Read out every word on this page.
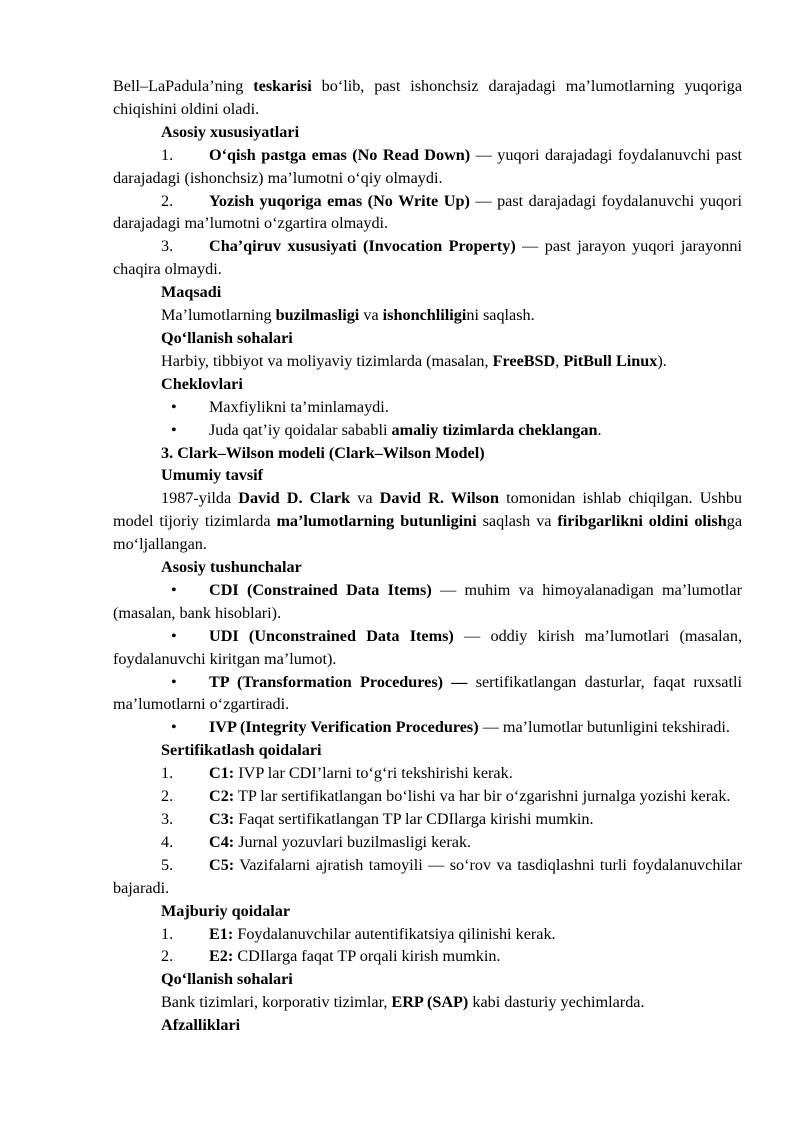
Bell–LaPadula’ning teskarisi bo‘lib, past ishonchsiz darajadagi ma’lumotlarning yuqoriga chiqishini oldini oladi.

Asosiy xususiyatlari

1. O‘qish pastga emas (No Read Down) — yuqori darajadagi foydalanuvchi past darajadagi (ishonchsiz) ma’lumotni o‘qiy olmaydi.

2. Yozish yuqoriga emas (No Write Up) — past darajadagi foydalanuvchi yuqori darajadagi ma’lumotni o‘zgartira olmaydi.

3. Cha’qiruv xususiyati (Invocation Property) — past jarayon yuqori jarayonni chaqira olmaydi.

Maqsadi

Ma’lumotlarning buzilmasligi va ishonchliligini saqlash.

Qo‘llanish sohalari

Harbiy, tibbiyot va moliyaviy tizimlarda (masalan, FreeBSD, PitBull Linux).

Cheklovlari

• Maxfiylikni ta’minlamaydi.

• Juda qat’iy qoidalar sababli amaliy tizimlarda cheklangan.

3. Clark–Wilson modeli (Clark–Wilson Model)

Umumiy tavsif

1987-yilda David D. Clark va David R. Wilson tomonidan ishlab chiqilgan. Ushbu model tijoriy tizimlarda ma’lumotlarning butunligini saqlash va firibgarlikni oldini olishga mo‘ljallangan.

Asosiy tushunchalar

• CDI (Constrained Data Items) — muhim va himoyalanadigan ma’lumotlar (masalan, bank hisoblari).

• UDI (Unconstrained Data Items) — oddiy kirish ma’lumotlari (masalan, foydalanuvchi kiritgan ma’lumot).

• TP (Transformation Procedures) — sertifikatlangan dasturlar, faqat ruxsatli ma’lumotlarni o‘zgartiradi.

• IVP (Integrity Verification Procedures) — ma’lumotlar butunligini tekshiradi.

Sertifikatlash qoidalari

1. C1: IVP lar CDI’larni to‘g‘ri tekshirishi kerak.

2. C2: TP lar sertifikatlangan bo‘lishi va har bir o‘zgarishni jurnalga yozishi kerak.

3. C3: Faqat sertifikatlangan TP lar CDIlarga kirishi mumkin.

4. C4: Jurnal yozuvlari buzilmasligi kerak.

5. C5: Vazifalarni ajratish tamoyili — so‘rov va tasdiqlashni turli foydalanuvchilar bajaradi.

Majburiy qoidalar

1. E1: Foydalanuvchilar autentifikatsiya qilinishi kerak.

2. E2: CDIlarga faqat TP orqali kirish mumkin.

Qo‘llanish sohalari

Bank tizimlari, korporativ tizimlar, ERP (SAP) kabi dasturiy yechimlarda.

Afzalliklari
